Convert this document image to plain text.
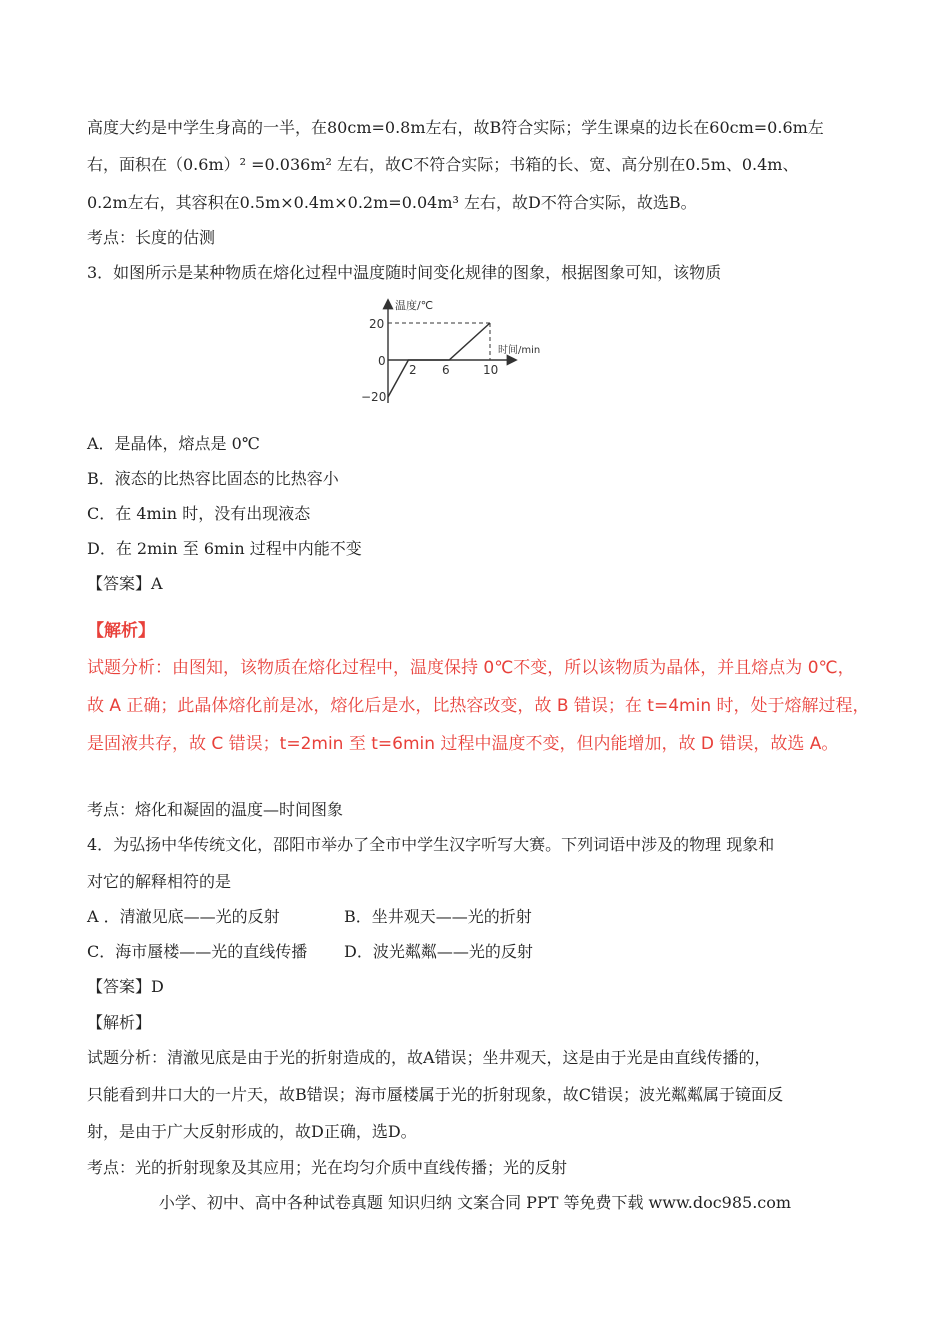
高度大约是中学生身高的一半，在80cm=0.8m左右，故B符合实际；学生课桌的边长在60cm=0.6m左
右，面积在（0.6m）² =0.036m² 左右，故C不符合实际；书箱的长、宽、高分别在0.5m、0.4m、
0.2m左右，其容积在0.5m×0.4m×0.2m=0.04m³ 左右，故D不符合实际，故选B。
考点：长度的估测
3．如图所示是某种物质在熔化过程中温度随时间变化规律的图象，根据图象可知，该物质
温度/℃
时间/min
20
0
−20
2 6	10
A．是晶体，熔点是 0℃
B．液态的比热容比固态的比热容小
C．在 4min 时，没有出现液态
D．在 2min 至 6min 过程中内能不变
【答案】A
【解析】
试题分析：由图知，该物质在熔化过程中，温度保持 0℃不变，所以该物质为晶体，并且熔点为 0℃，
故 A 正确；此晶体熔化前是冰，熔化后是水，比热容改变，故 B 错误；在 t=4min 时，处于熔解过程，
是固液共存，故 C 错误；t=2min 至 t=6min 过程中温度不变，但内能增加，故 D 错误，故选 A。
考点：熔化和凝固的温度—时间图象
4．为弘扬中华传统文化，邵阳市举办了全市中学生汉字听写大赛。下列词语中涉及的物理 现象和
对它的解释相符的是
A ．清澈见底——光的反射	B．坐井观天——光的折射
C．海市蜃楼——光的直线传播 D．波光粼粼——光的反射
【答案】D
【解析】
试题分析：清澈见底是由于光的折射造成的，故A错误；坐井观天，这是由于光是由直线传播的，
只能看到井口大的一片天，故B错误；海市蜃楼属于光的折射现象，故C错误；波光粼粼属于镜面反
射，是由于广大反射形成的，故D正确，选D。
考点：光的折射现象及其应用；光在均匀介质中直线传播；光的反射
小学、初中、高中各种试卷真题 知识归纳 文案合同 PPT 等免费下载 www.doc985.com
